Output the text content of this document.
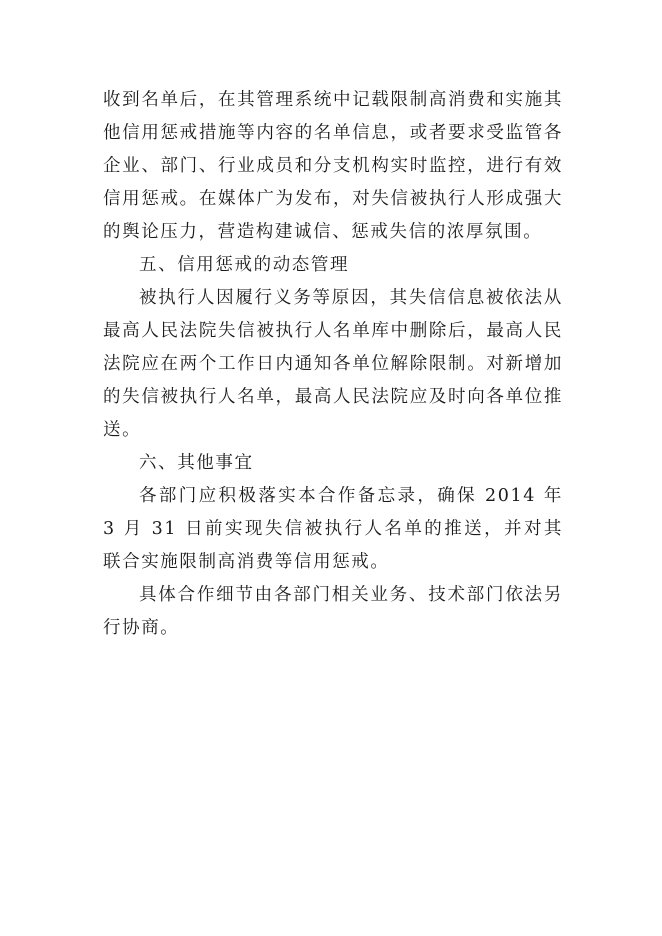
收到名单后，在其管理系统中记载限制高消费和实施其他信用惩戒措施等内容的名单信息，或者要求受监管各企业、部门、行业成员和分支机构实时监控，进行有效信用惩戒。在媒体广为发布，对失信被执行人形成强大的舆论压力，营造构建诚信、惩戒失信的浓厚氛围。

五、信用惩戒的动态管理

被执行人因履行义务等原因，其失信信息被依法从最高人民法院失信被执行人名单库中删除后，最高人民法院应在两个工作日内通知各单位解除限制。对新增加的失信被执行人名单，最高人民法院应及时向各单位推送。

六、其他事宜

各部门应积极落实本合作备忘录，确保 2014 年 3 月 31 日前实现失信被执行人名单的推送，并对其联合实施限制高消费等信用惩戒。

具体合作细节由各部门相关业务、技术部门依法另行协商。
